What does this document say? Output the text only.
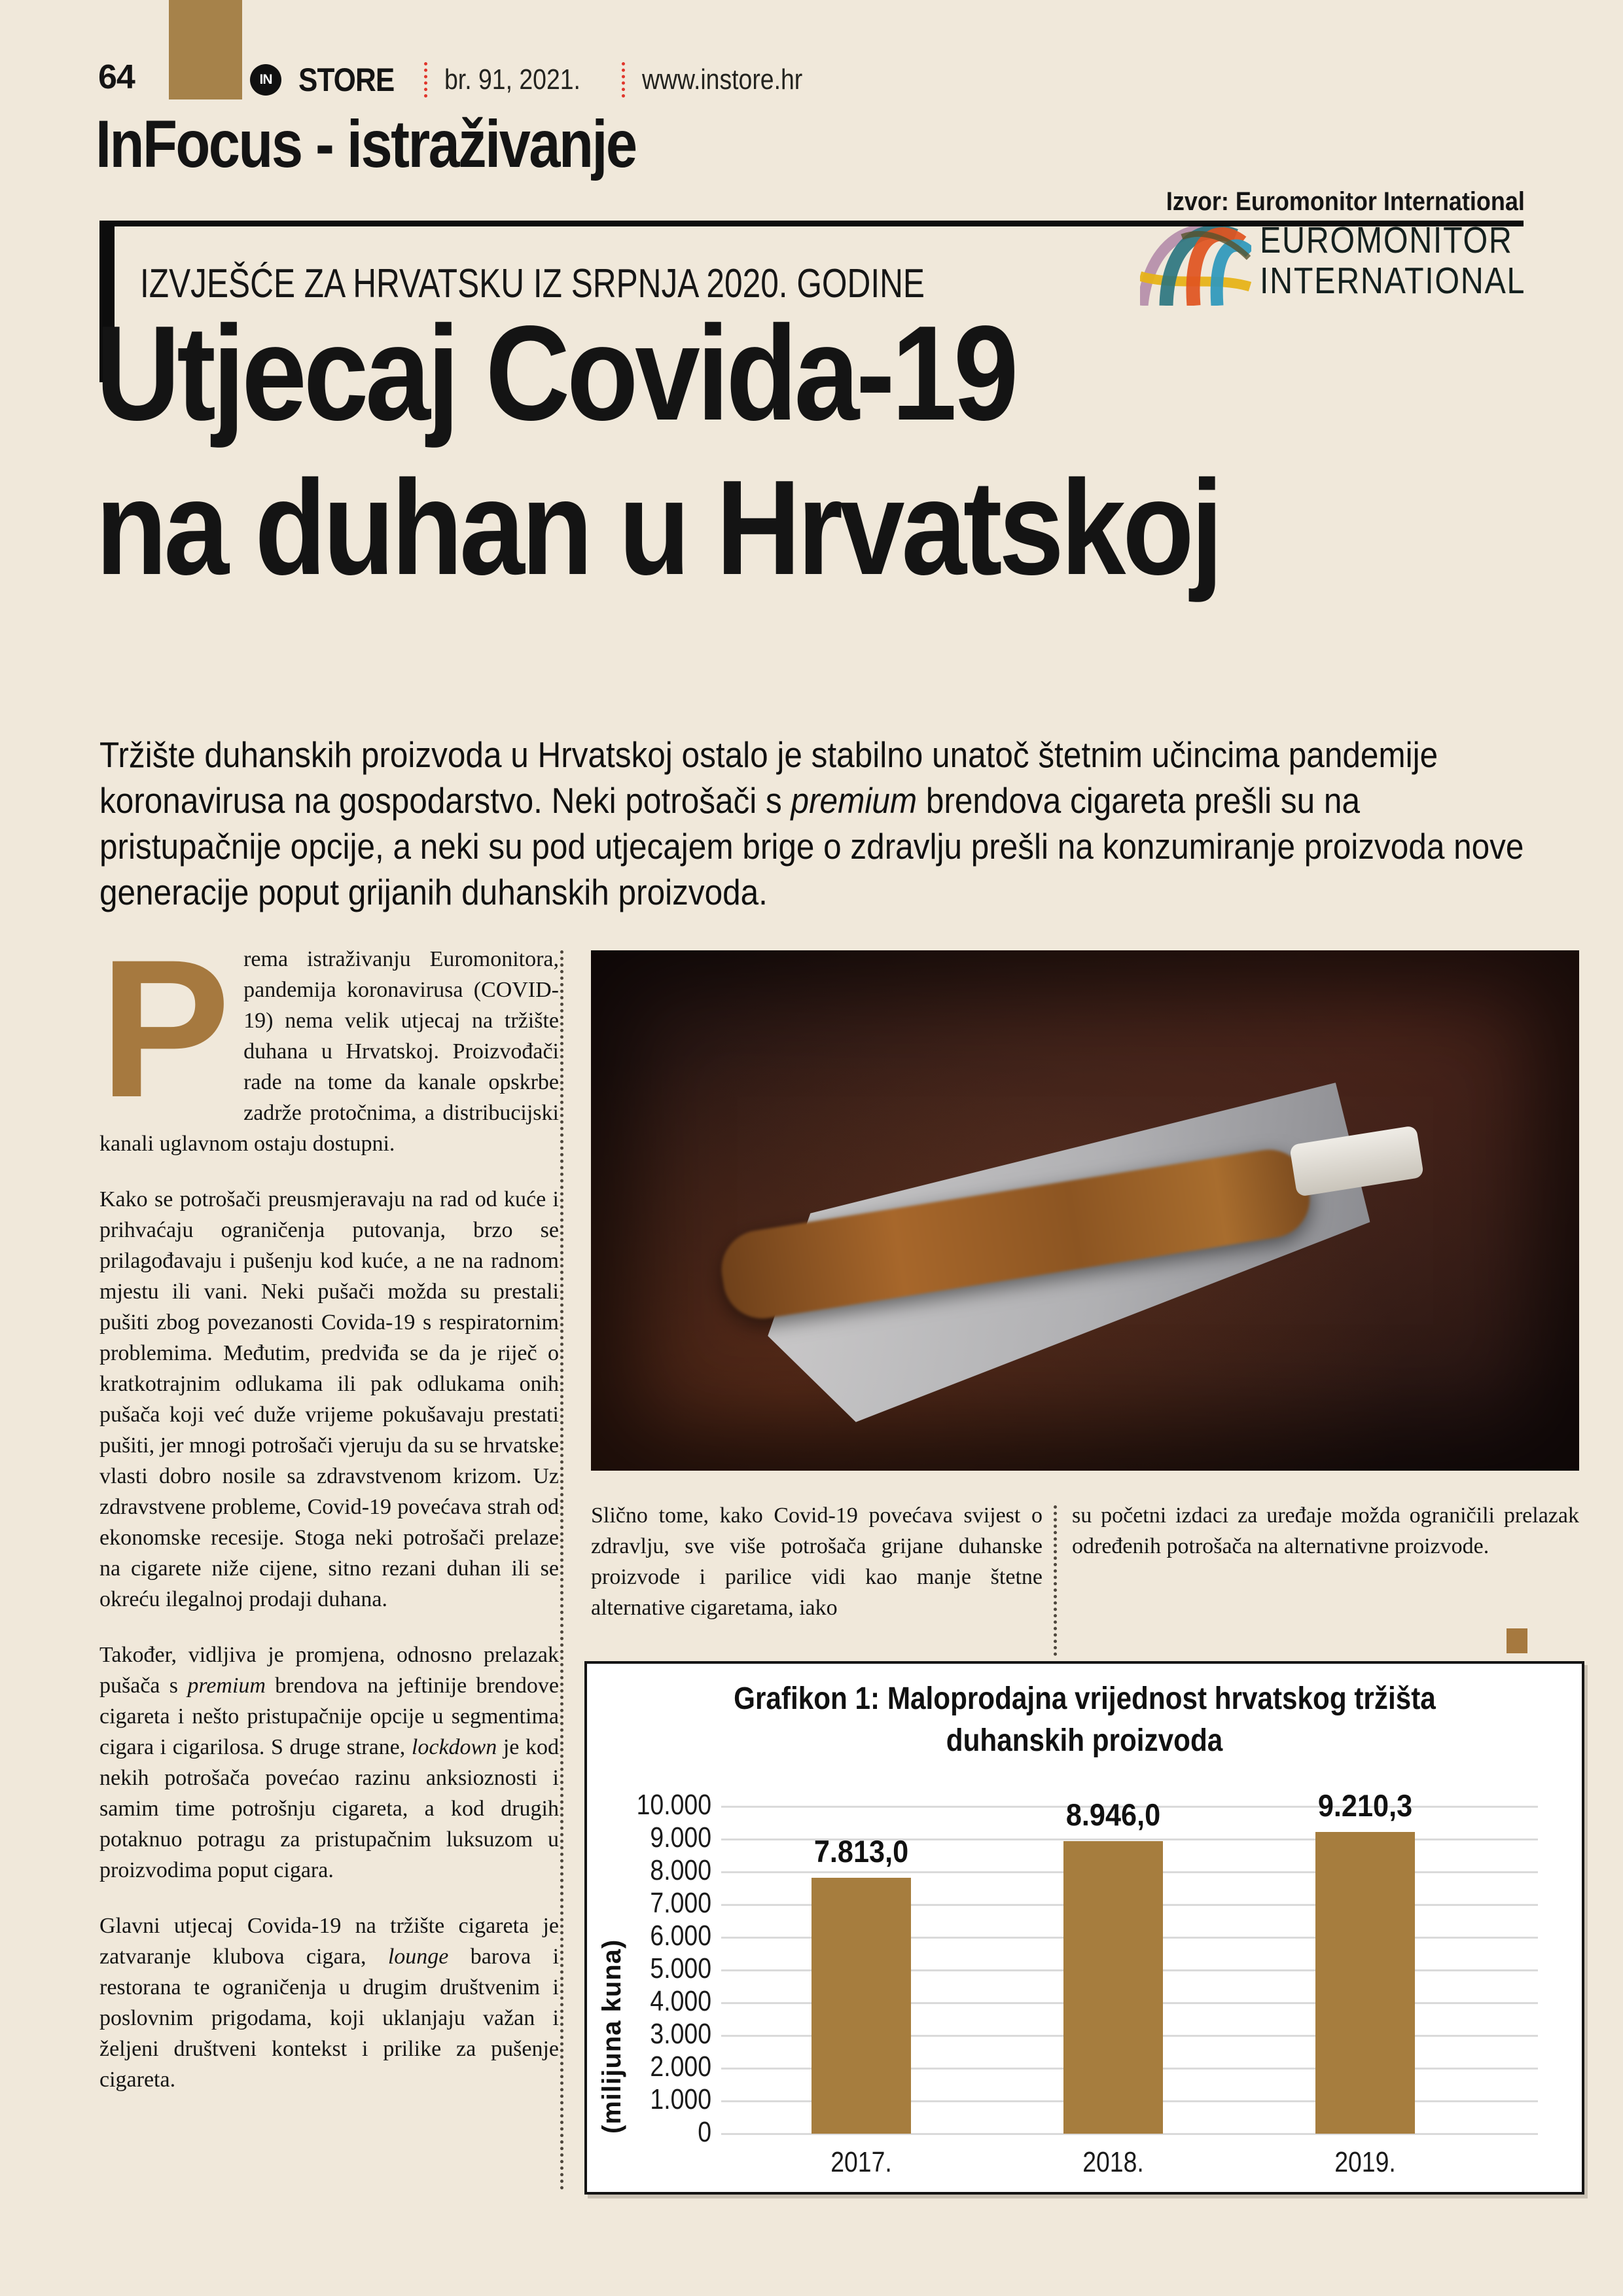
64	IN STORE br. 91, 2021. www.instore.hr
InFocus - istraživanje
Izvor: Euromonitor International
IZVJEŠĆE ZA HRVATSKU IZ SRPNJA 2020. GODINE
EUROMONITOR
INTERNATIONAL
Utjecaj Covida-19
na duhan u Hrvatskoj
Tržište duhanskih proizvoda u Hrvatskoj ostalo je stabilno unatoč štetnim učincima pandemije koronavirusa na gospodarstvo. Neki potrošači s premium brendova cigareta prešli su na pristupačnije opcije, a neki su pod utjecajem brige o zdravlju prešli na konzumiranje proizvoda nove generacije poput grijanih duhanskih proizvoda.

Prema istraživanju Euromonitora, pandemija koronavirusa (COVID-19) nema velik utjecaj na tržište duhana u Hrvatskoj. Proizvođači rade na tome da kanale opskrbe zadrže protočnima, a distribucijski kanali uglavnom ostaju dostupni.

Kako se potrošači preusmjeravaju na rad od kuće i prihvaćaju ograničenja putovanja, brzo se prilagođavaju i pušenju kod kuće, a ne na radnom mjestu ili vani. Neki pušači možda su prestali pušiti zbog povezanosti Covida-19 s respiratornim problemima. Međutim, predviđa se da je riječ o kratkotrajnim odlukama ili pak odlukama onih pušača koji već duže vrijeme pokušavaju prestati pušiti, jer mnogi potrošači vjeruju da su se hrvatske vlasti dobro nosile sa zdravstvenom krizom. Uz zdravstvene probleme, Covid-19 povećava strah od ekonomske recesije. Stoga neki potrošači prelaze na cigarete niže cijene, sitno rezani duhan ili se okreću ilegalnoj prodaji duhana.

Također, vidljiva je promjena, odnosno prelazak pušača s premium brendova na jeftinije brendove cigareta i nešto pristupačnije opcije u segmentima cigara i cigarilosa. S druge strane, lockdown je kod nekih potrošača povećao razinu anksioznosti i samim time potrošnju cigareta, a kod drugih potaknuo potragu za pristupačnim luksuzom u proizvodima poput cigara.

Glavni utjecaj Covida-19 na tržište cigareta je zatvaranje klubova cigara, lounge barova i restorana te ograničenja u drugim društvenim i poslovnim prigodama, koji uklanjaju važan i željeni društveni kontekst i prilike za pušenje cigareta.

Slično tome, kako Covid-19 povećava svijest o zdravlju, sve više potrošača grijane duhanske proizvode i parilice vidi kao manje štetne alternative cigaretama, iako

su početni izdaci za uređaje možda ograničili prelazak određenih potrošača na alternativne proizvode.

Grafikon 1: Maloprodajna vrijednost hrvatskog tržišta
duhanskih proizvoda
(milijuna kuna)
10.000
9.000
8.000
7.000
6.000
5.000
4.000
3.000
2.000
1.000
0
7.813,0
2017.
8.946,0
2018.
9.210,3
2019.
